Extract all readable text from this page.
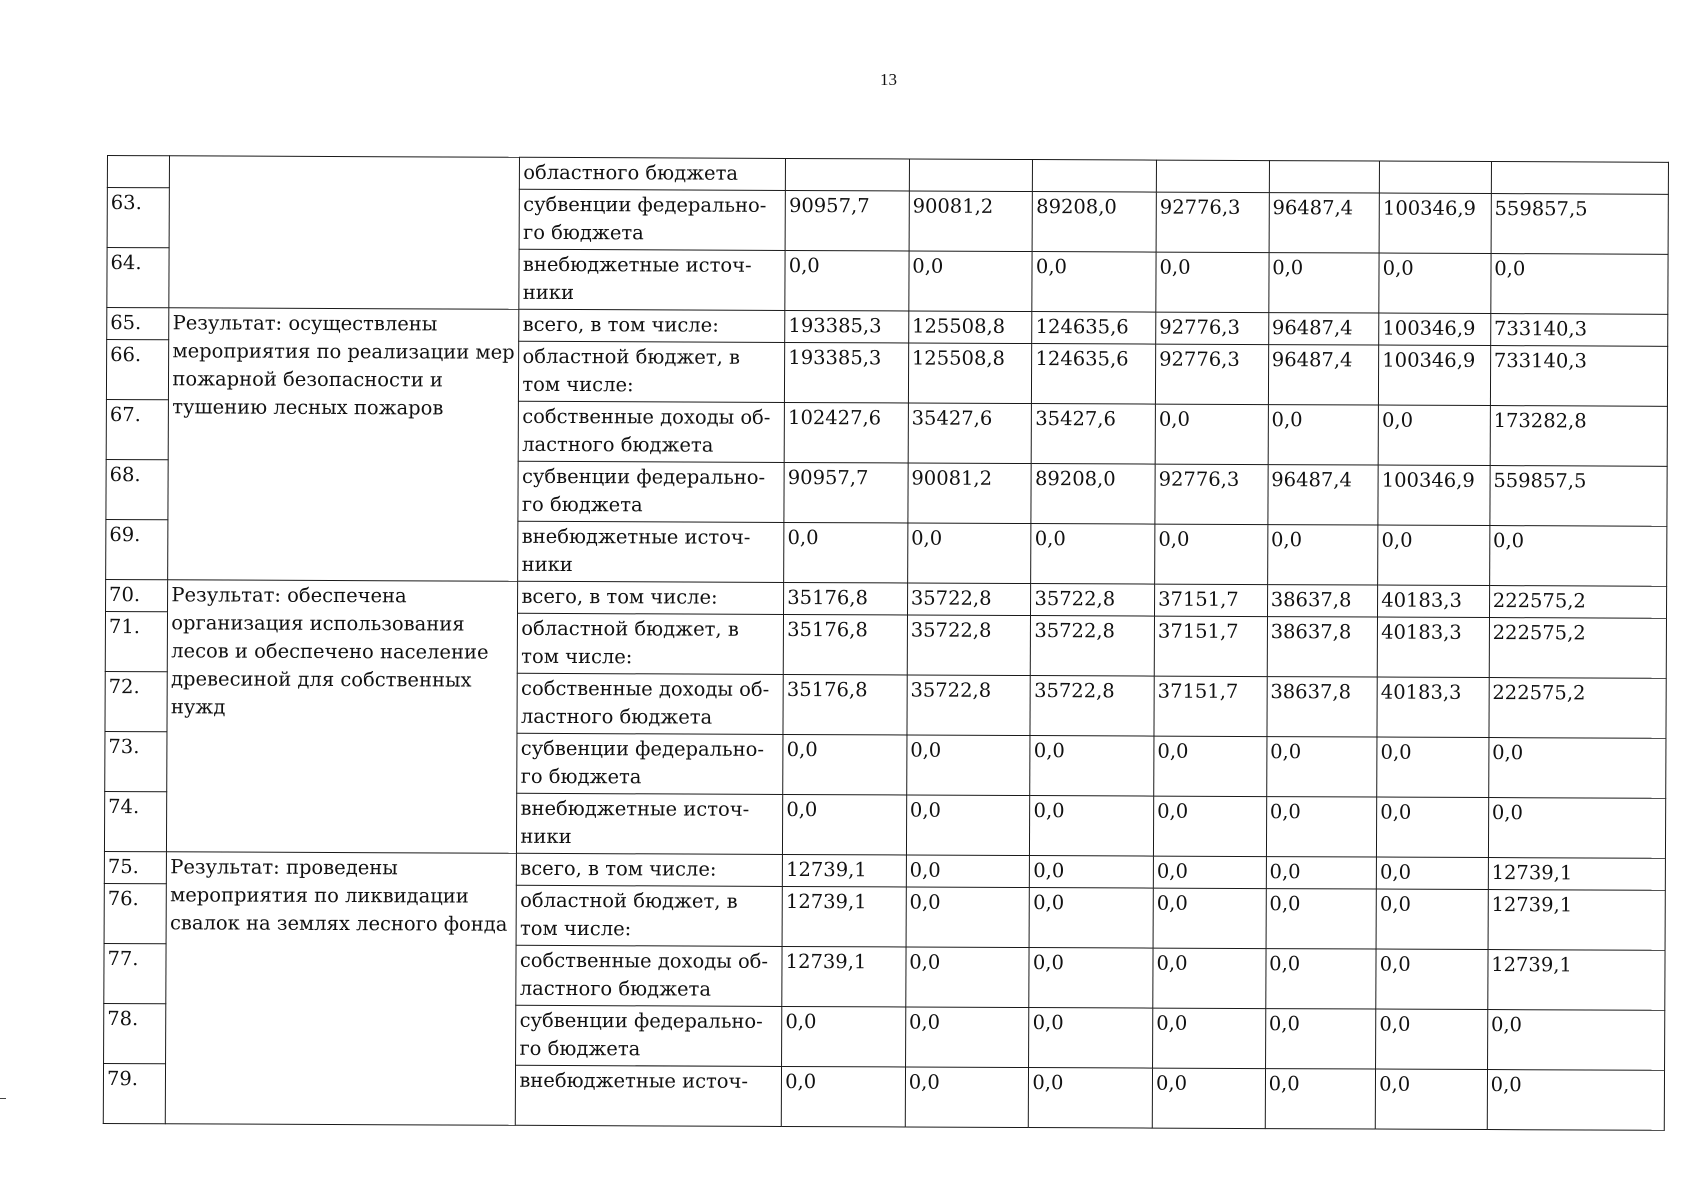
13
		областного бюджета							
63.		субвенции федерально-го бюджета	90957,7	90081,2	89208,0	92776,3	96487,4	100346,9	559857,5
64.		внебюджетные источ-ники	0,0	0,0	0,0	0,0	0,0	0,0	0,0
65.	Результат: осуществлены мероприятия по реализации мер пожарной безопасности и тушению лесных пожаров	всего, в том числе:	193385,3	125508,8	124635,6	92776,3	96487,4	100346,9	733140,3
66.		областной бюджет, в том числе:	193385,3	125508,8	124635,6	92776,3	96487,4	100346,9	733140,3
67.		собственные доходы об-ластного бюджета	102427,6	35427,6	35427,6	0,0	0,0	0,0	173282,8
68.		субвенции федерально-го бюджета	90957,7	90081,2	89208,0	92776,3	96487,4	100346,9	559857,5
69.		внебюджетные источ-ники	0,0	0,0	0,0	0,0	0,0	0,0	0,0
70.	Результат: обеспечена организация использования лесов и обеспечено население древесиной для собственных нужд	всего, в том числе:	35176,8	35722,8	35722,8	37151,7	38637,8	40183,3	222575,2
71.		областной бюджет, в том числе:	35176,8	35722,8	35722,8	37151,7	38637,8	40183,3	222575,2
72.		собственные доходы об-ластного бюджета	35176,8	35722,8	35722,8	37151,7	38637,8	40183,3	222575,2
73.		субвенции федерально-го бюджета	0,0	0,0	0,0	0,0	0,0	0,0	0,0
74.		внебюджетные источ-ники	0,0	0,0	0,0	0,0	0,0	0,0	0,0
75.	Результат: проведены мероприятия по ликвидации свалок на землях лесного фонда	всего, в том числе:	12739,1	0,0	0,0	0,0	0,0	0,0	12739,1
76.		областной бюджет, в том числе:	12739,1	0,0	0,0	0,0	0,0	0,0	12739,1
77.		собственные доходы об-ластного бюджета	12739,1	0,0	0,0	0,0	0,0	0,0	12739,1
78.		субвенции федерально-го бюджета	0,0	0,0	0,0	0,0	0,0	0,0	0,0
79.		внебюджетные источ-	0,0	0,0	0,0	0,0	0,0	0,0	0,0
